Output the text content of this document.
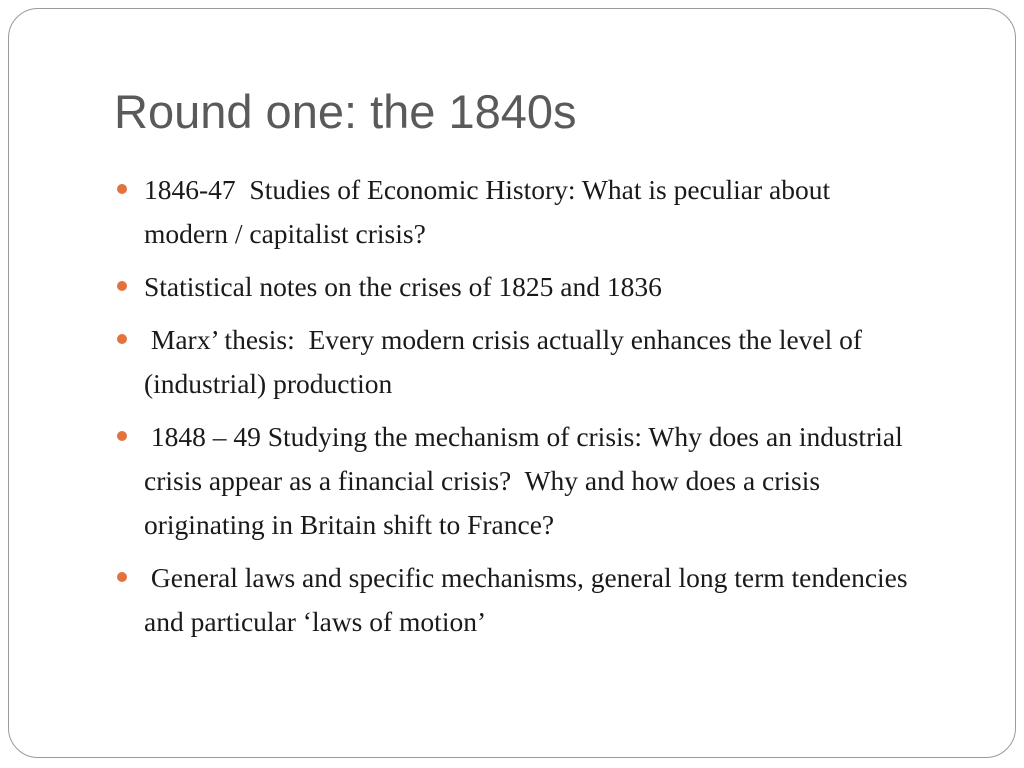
Round one: the 1840s
1846-47  Studies of Economic History: What is peculiar about modern / capitalist crisis?
Statistical notes on the crises of 1825 and 1836
Marx’ thesis:  Every modern crisis actually enhances the level of (industrial) production
1848 – 49 Studying the mechanism of crisis: Why does an industrial crisis appear as a financial crisis?  Why and how does a crisis originating in Britain shift to France?
General laws and specific mechanisms, general long term tendencies and particular ‘laws of motion’
